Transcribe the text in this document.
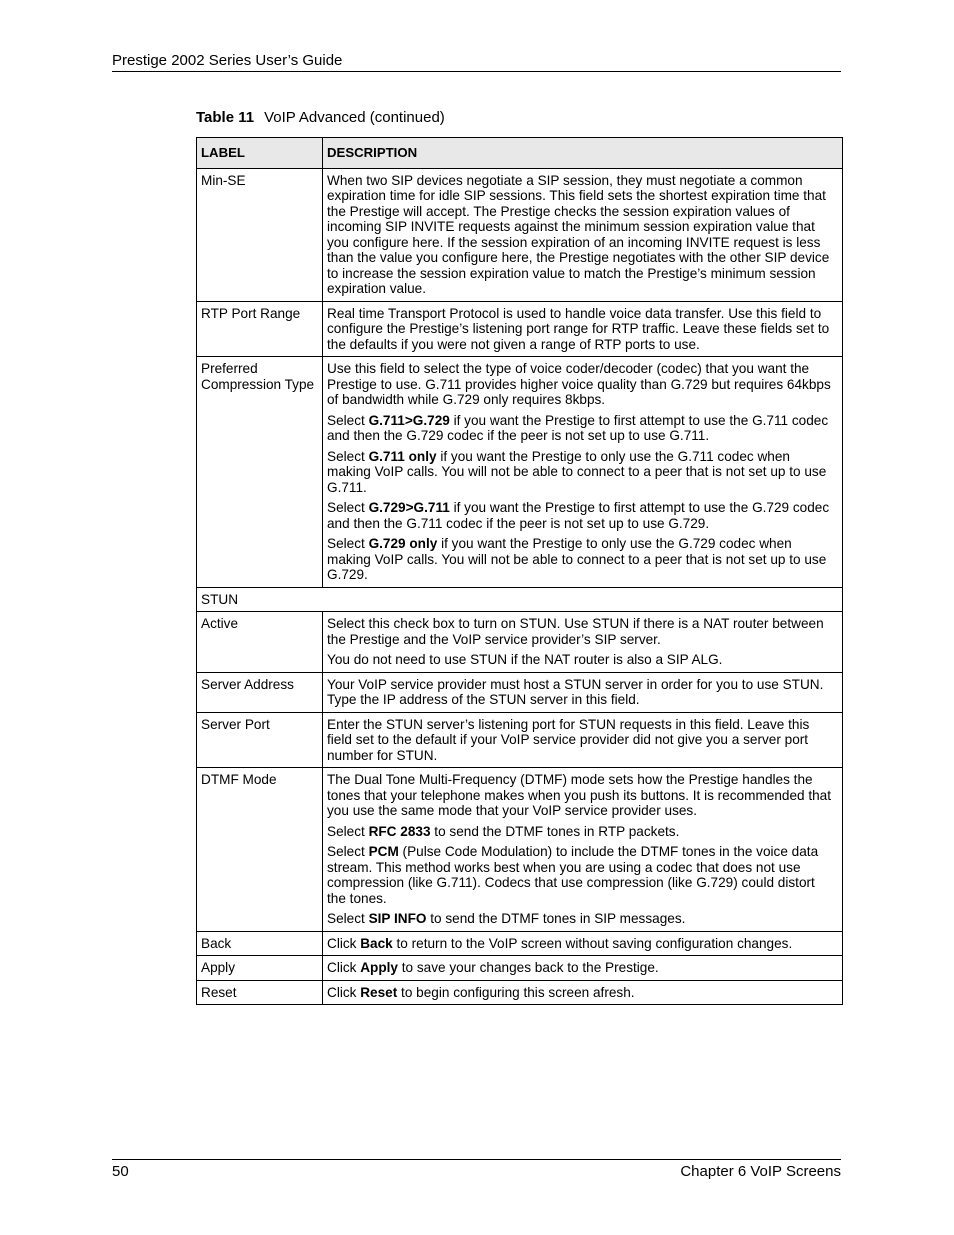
Prestige 2002 Series User’s Guide
Table 11 VoIP Advanced (continued)
LABEL	DESCRIPTION
Min-SE	When two SIP devices negotiate a SIP session, they must negotiate a common expiration time for idle SIP sessions. This field sets the shortest expiration time that the Prestige will accept. The Prestige checks the session expiration values of incoming SIP INVITE requests against the minimum session expiration value that you configure here. If the session expiration of an incoming INVITE request is less than the value you configure here, the Prestige negotiates with the other SIP device to increase the session expiration value to match the Prestige’s minimum session expiration value.

RTP Port Range	Real time Transport Protocol is used to handle voice data transfer. Use this field to configure the Prestige’s listening port range for RTP traffic. Leave these fields set to the defaults if you were not given a range of RTP ports to use.

Preferred Compression Type	Use this field to select the type of voice coder/decoder (codec) that you want the Prestige to use. G.711 provides higher voice quality than G.729 but requires 64kbps of bandwidth while G.729 only requires 8kbps.

Select G.711>G.729 if you want the Prestige to first attempt to use the G.711 codec and then the G.729 codec if the peer is not set up to use G.711.

Select G.711 only if you want the Prestige to only use the G.711 codec when making VoIP calls. You will not be able to connect to a peer that is not set up to use G.711.

Select G.729>G.711 if you want the Prestige to first attempt to use the G.729 codec and then the G.711 codec if the peer is not set up to use G.729.

Select G.729 only if you want the Prestige to only use the G.729 codec when making VoIP calls. You will not be able to connect to a peer that is not set up to use G.729.

STUN	
Active	Select this check box to turn on STUN. Use STUN if there is a NAT router between the Prestige and the VoIP service provider’s SIP server.

You do not need to use STUN if the NAT router is also a SIP ALG.

Server Address	Your VoIP service provider must host a STUN server in order for you to use STUN. Type the IP address of the STUN server in this field.

Server Port	Enter the STUN server’s listening port for STUN requests in this field. Leave this field set to the default if your VoIP service provider did not give you a server port number for STUN.

DTMF Mode	The Dual Tone Multi-Frequency (DTMF) mode sets how the Prestige handles the tones that your telephone makes when you push its buttons. It is recommended that you use the same mode that your VoIP service provider uses.

Select RFC 2833 to send the DTMF tones in RTP packets.

Select PCM (Pulse Code Modulation) to include the DTMF tones in the voice data stream. This method works best when you are using a codec that does not use compression (like G.711). Codecs that use compression (like G.729) could distort the tones.

Select SIP INFO to send the DTMF tones in SIP messages.

Back	Click Back to return to the VoIP screen without saving configuration changes.

Apply	Click Apply to save your changes back to the Prestige.

Reset	Click Reset to begin configuring this screen afresh.

50	Chapter 6 VoIP Screens
